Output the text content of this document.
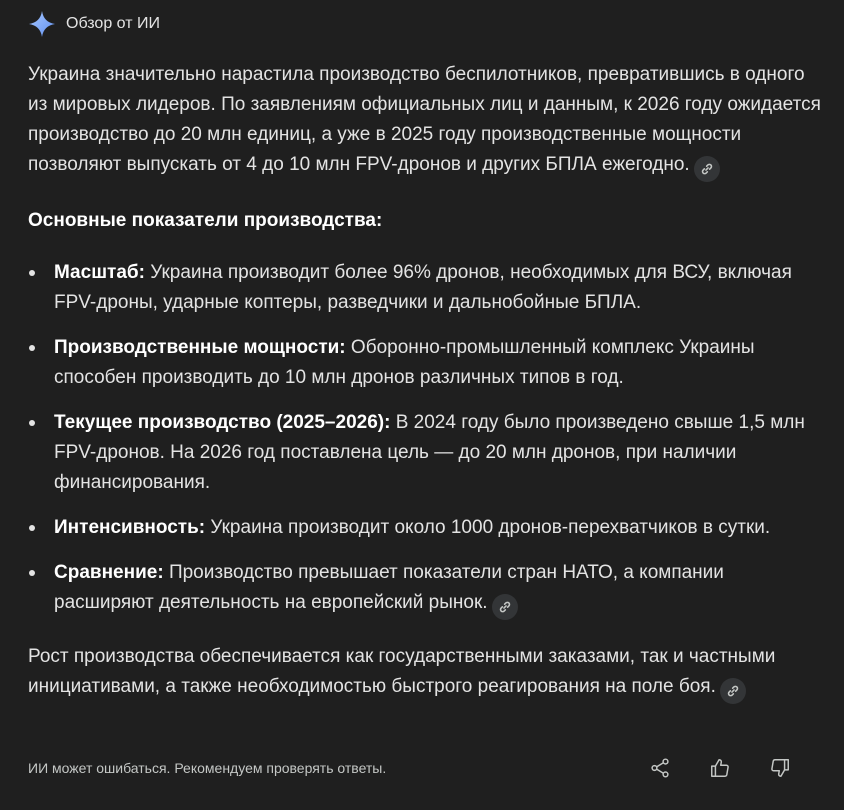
Обзор от ИИ

Украина значительно нарастила производство беспилотников, превратившись в одного из мировых лидеров. По заявлениям официальных лиц и данным, к 2026 году ожидается производство до 20 млн единиц, а уже в 2025 году производственные мощности позволяют выпускать от 4 до 10 млн FPV-дронов и других БПЛА ежегодно.

Основные показатели производства:

Масштаб: Украина производит более 96% дронов, необходимых для ВСУ, включая FPV-дроны, ударные коптеры, разведчики и дальнобойные БПЛА.
Производственные мощности: Оборонно-промышленный комплекс Украины способен производить до 10 млн дронов различных типов в год.
Текущее производство (2025–2026): В 2024 году было произведено свыше 1,5 млн FPV-дронов. На 2026 год поставлена цель — до 20 млн дронов, при наличии финансирования.
Интенсивность: Украина производит около 1000 дронов-перехватчиков в сутки.
Сравнение: Производство превышает показатели стран НАТО, а компании расширяют деятельность на европейский рынок.

Рост производства обеспечивается как государственными заказами, так и частными инициативами, а также необходимостью быстрого реагирования на поле боя.

ИИ может ошибаться. Рекомендуем проверять ответы.
